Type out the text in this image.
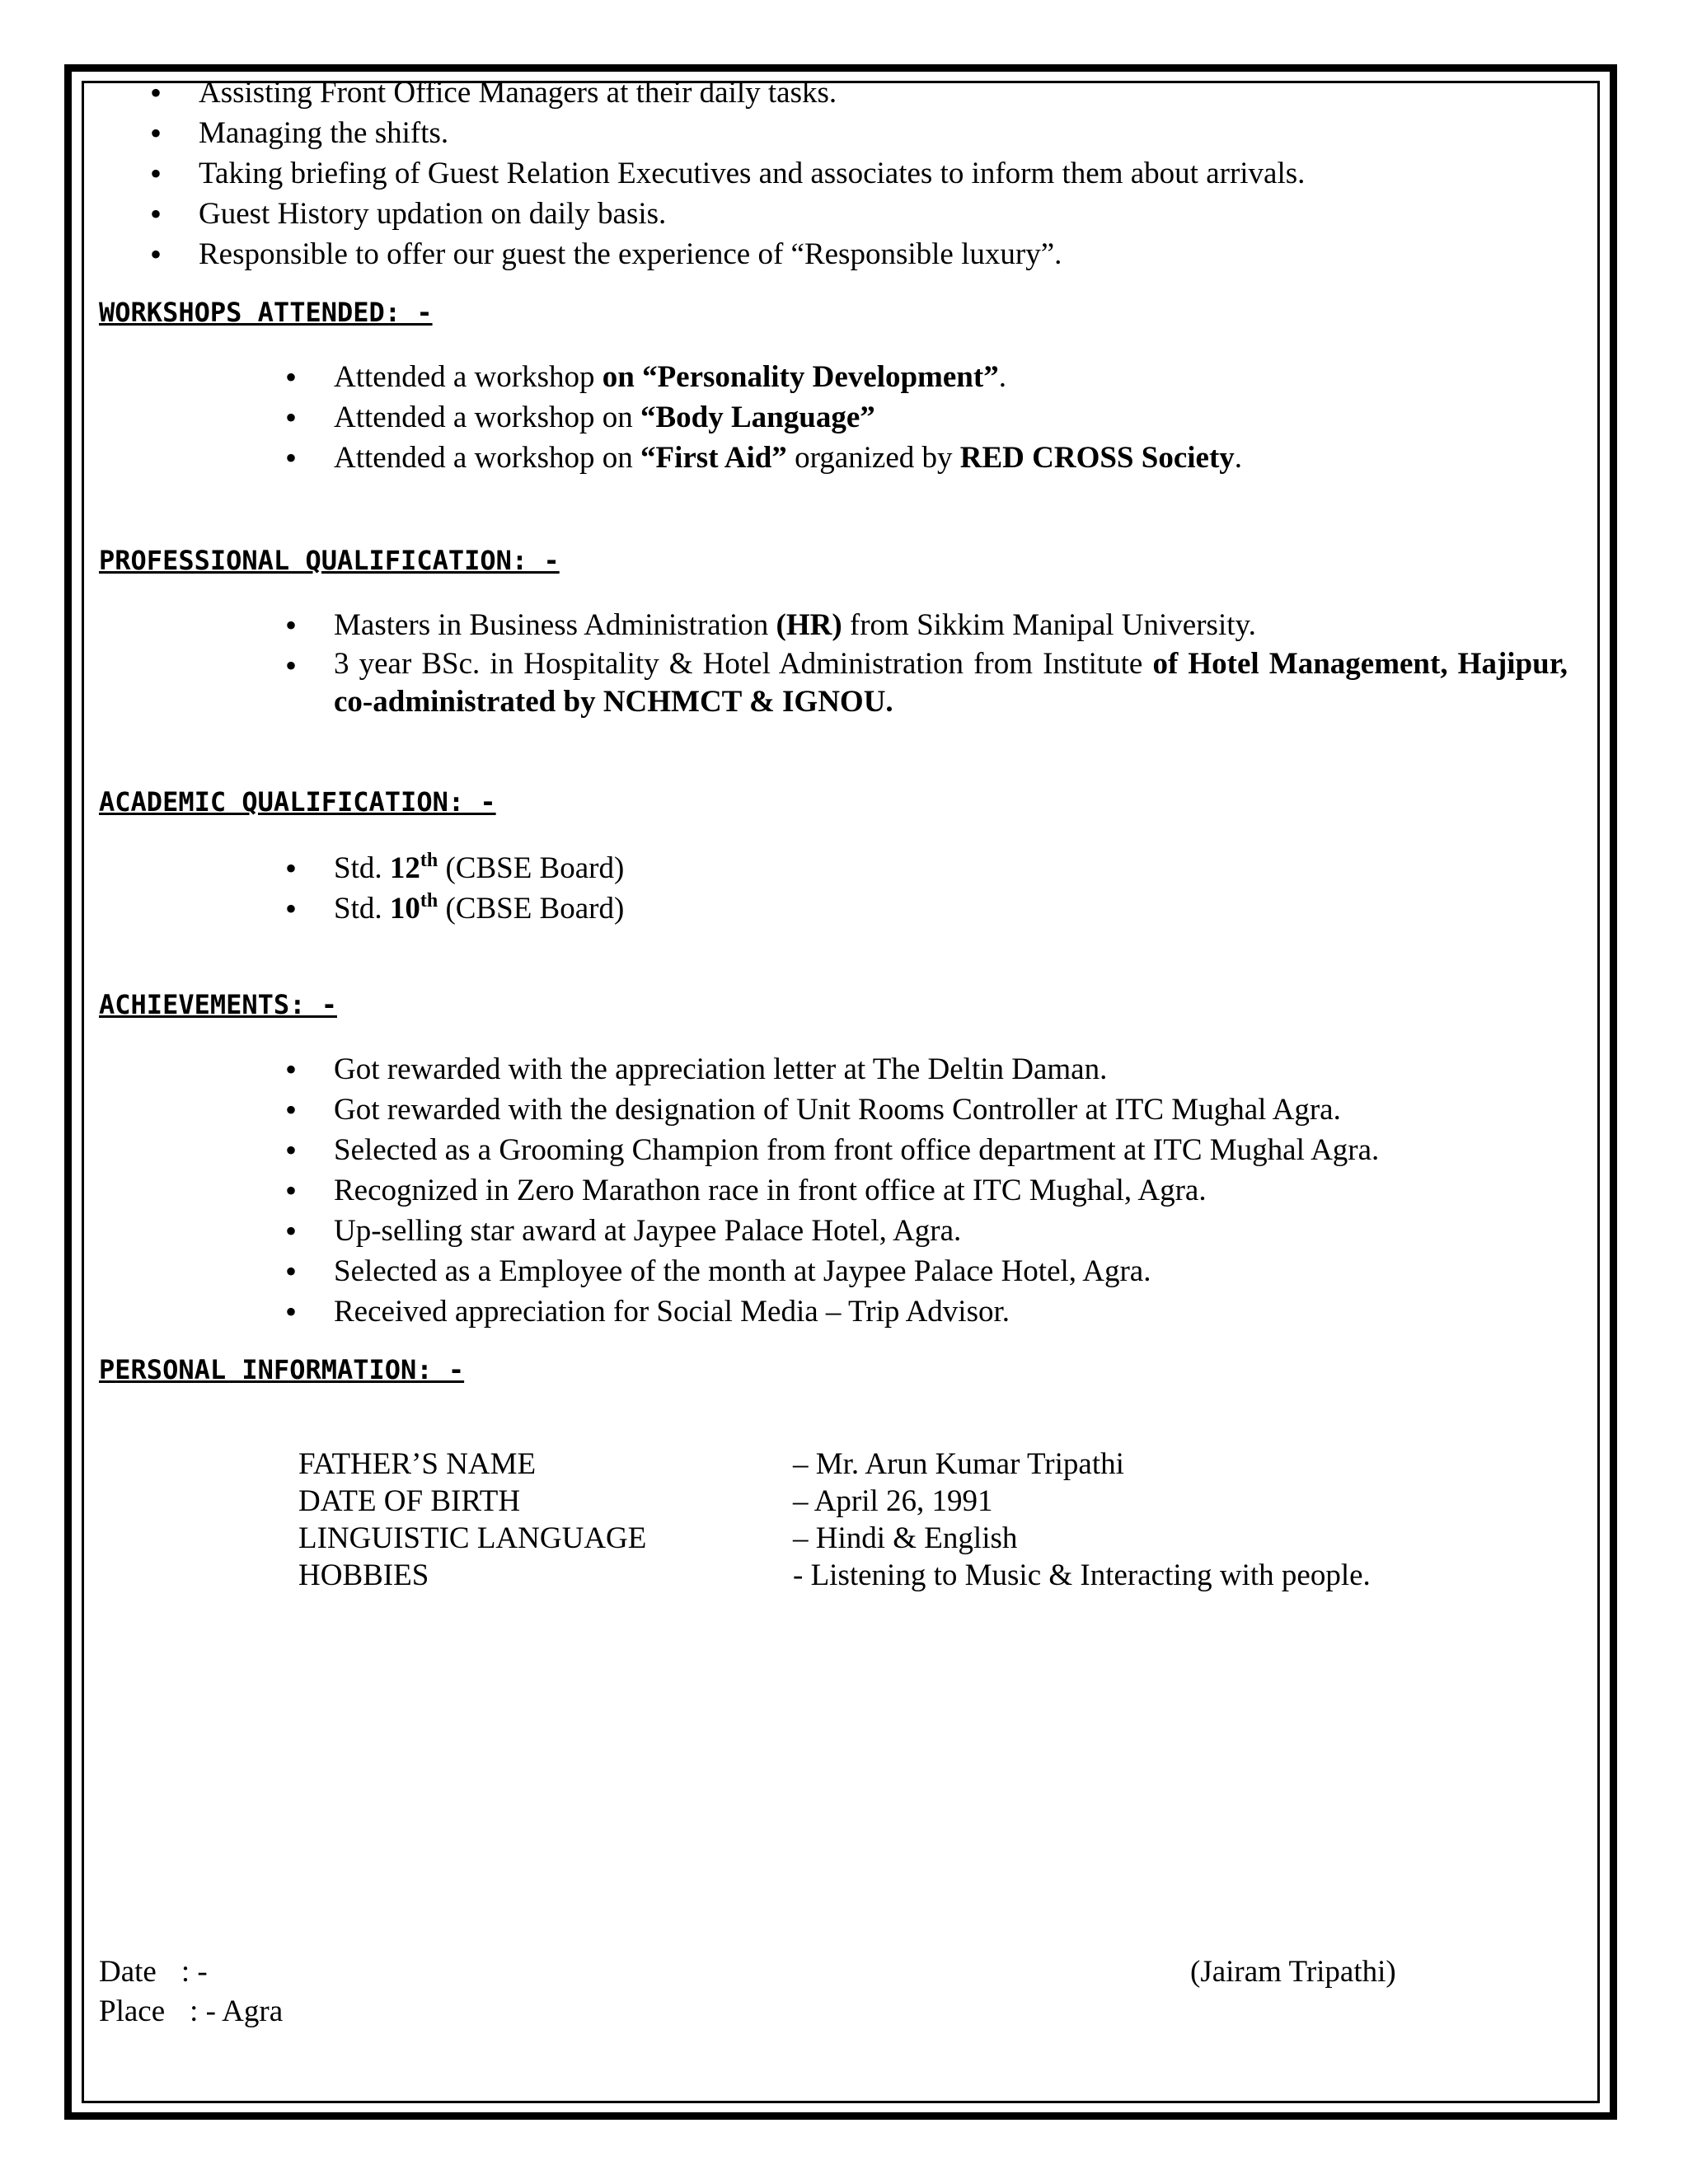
• Assisting Front Office Managers at their daily tasks.
• Managing the shifts.
• Taking briefing of Guest Relation Executives and associates to inform them about arrivals.
• Guest History updation on daily basis.
• Responsible to offer our guest the experience of “Responsible luxury”.

WORKSHOPS ATTENDED: -

• Attended a workshop on “Personality Development”.
• Attended a workshop on “Body Language”
• Attended a workshop on “First Aid” organized by RED CROSS Society.

PROFESSIONAL QUALIFICATION: -

• Masters in Business Administration (HR) from Sikkim Manipal University.
• 3 year BSc. in Hospitality & Hotel Administration from Institute of Hotel Management, Hajipur, co-administrated by NCHMCT & IGNOU.

ACADEMIC QUALIFICATION: -

• Std. 12th (CBSE Board)
• Std. 10th (CBSE Board)

ACHIEVEMENTS: -

• Got rewarded with the appreciation letter at The Deltin Daman.
• Got rewarded with the designation of Unit Rooms Controller at ITC Mughal Agra.
• Selected as a Grooming Champion from front office department at ITC Mughal Agra.
• Recognized in Zero Marathon race in front office at ITC Mughal, Agra.
• Up-selling star award at Jaypee Palace Hotel, Agra.
• Selected as a Employee of the month at Jaypee Palace Hotel, Agra.
• Received appreciation for Social Media – Trip Advisor.

PERSONAL INFORMATION: -

FATHER’S NAME	– Mr. Arun Kumar Tripathi
DATE OF BIRTH	– April 26, 1991
LINGUISTIC LANGUAGE	– Hindi & English
HOBBIES	- Listening to Music & Interacting with people.
Date : -
Place : - Agra
(Jairam Tripathi)
